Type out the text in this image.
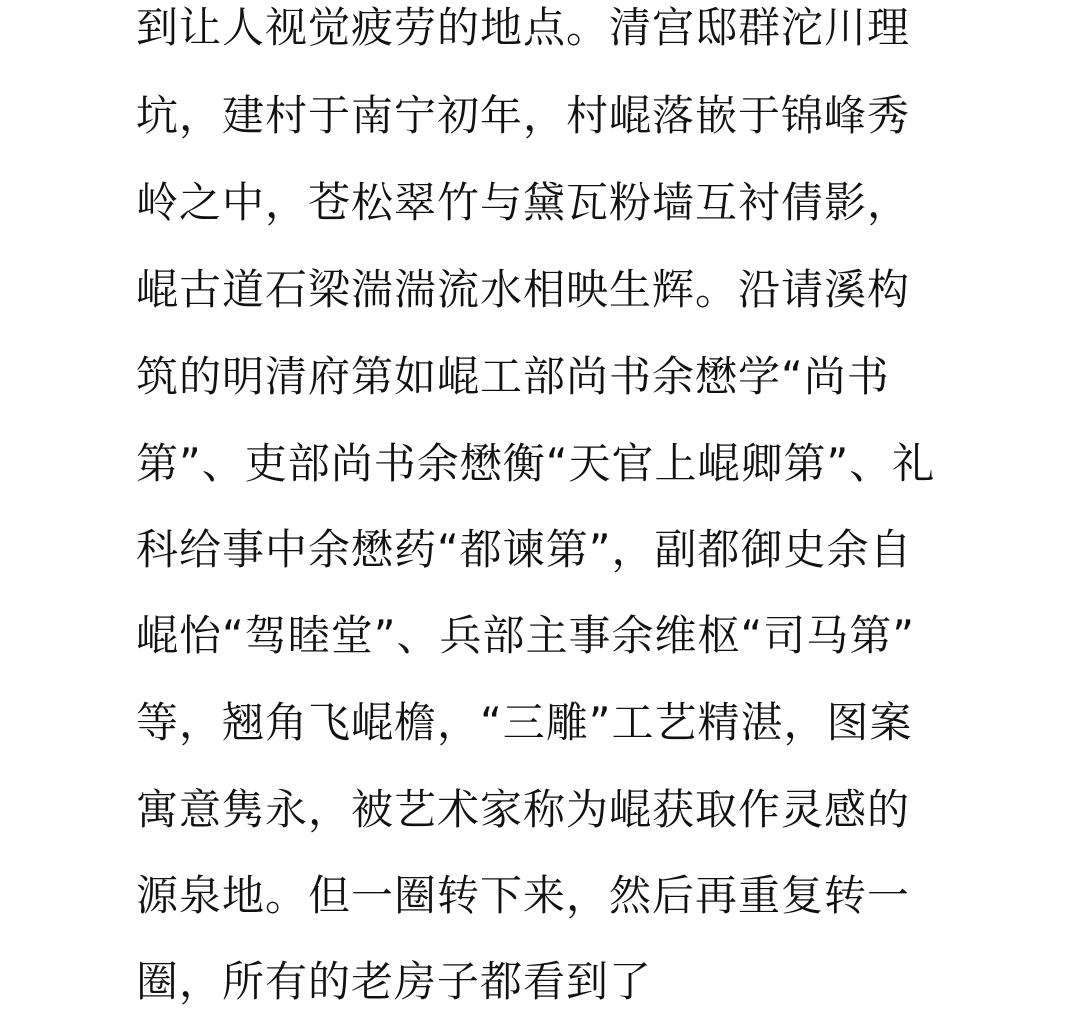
到让人视觉疲劳的地点。清宫邸群沱川理
坑，建村于南宁初年，村崐落嵌于锦峰秀
岭之中，苍松翠竹与黛瓦粉墙互衬倩影，
崐古道石梁湍湍流水相映生辉。沿请溪构
筑的明清府第如崐工部尚书余懋学“尚书
第”、吏部尚书余懋衡“天官上崐卿第”、礼
科给事中余懋药“都谏第”，副都御史余自
崐怡“驾睦堂”、兵部主事余维枢“司马第”
等，翘角飞崐檐，“三雕”工艺精湛，图案
寓意隽永，被艺术家称为崐获取作灵感的
源泉地。但一圈转下来，然后再重复转一
圈，所有的老房子都看到了
